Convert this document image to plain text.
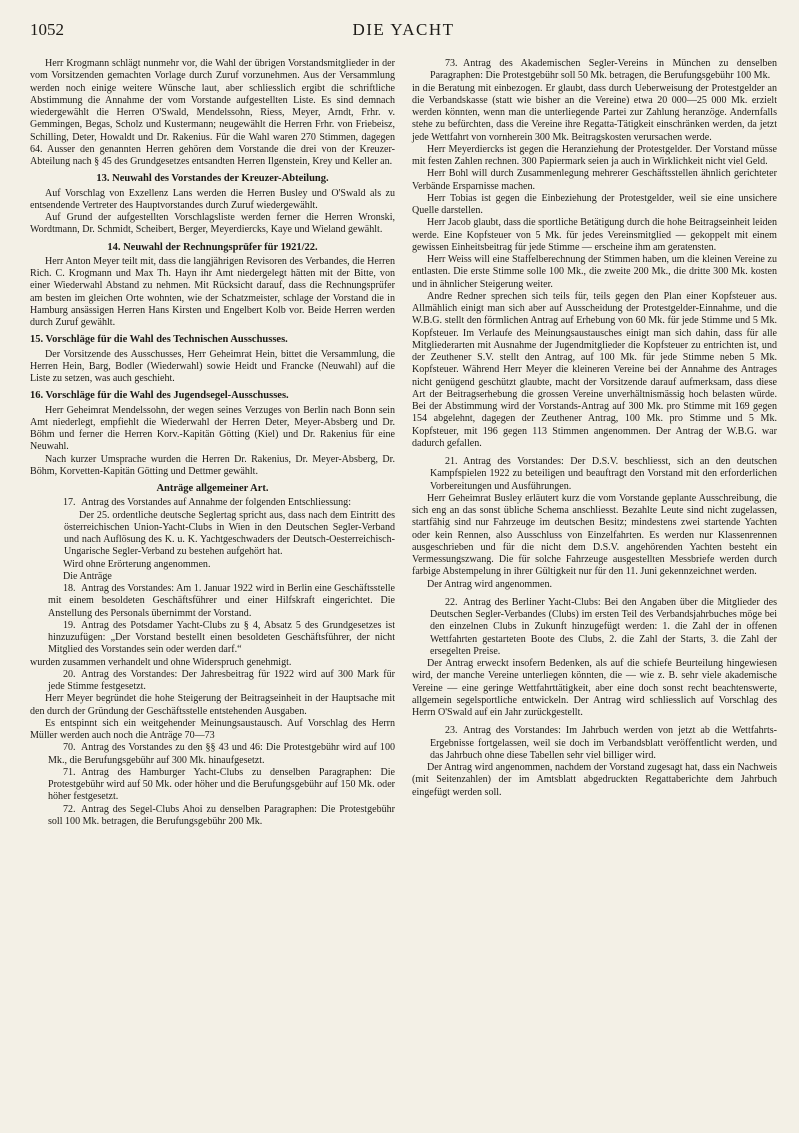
1052	DIE YACHT

Herr Krogmann schlägt nunmehr vor, die Wahl der übrigen Vorstandsmitglieder in der vom Vorsitzenden gemachten Vorlage durch Zuruf vorzunehmen. Aus der Versammlung werden noch einige weitere Wünsche laut, aber schliesslich ergibt die schriftliche Abstimmung die Annahme der vom Vorstande aufgestellten Liste. Es sind demnach wiedergewählt die Herren O'Swald, Mendelssohn, Riess, Meyer, Arndt, Frhr. v. Gemmingen, Begas, Scholz und Kustermann; neugewählt die Herren Frhr. von Friebeisz, Schilling, Deter, Howaldt und Dr. Rakenius. Für die Wahl waren 270 Stimmen, dagegen 64. Ausser den genannten Herren gehören dem Vorstande die drei von der Kreuzer-Abteilung nach § 45 des Grundgesetzes entsandten Herren Ilgenstein, Krey und Keller an.

13. Neuwahl des Vorstandes der Kreuzer-Abteilung.

Auf Vorschlag von Exzellenz Lans werden die Herren Busley und O'Swald als zu entsendende Vertreter des Hauptvorstandes durch Zuruf wiedergewählt.

Auf Grund der aufgestellten Vorschlagsliste werden ferner die Herren Wronski, Wordtmann, Dr. Schmidt, Scheibert, Berger, Meyerdiercks, Kaye und Wieland gewählt.

14. Neuwahl der Rechnungsprüfer für 1921/22.

Herr Anton Meyer teilt mit, dass die langjährigen Revisoren des Verbandes, die Herren Rich. C. Krogmann und Max Th. Hayn ihr Amt niedergelegt hätten mit der Bitte, von einer Wiederwahl Abstand zu nehmen. Mit Rücksicht darauf, dass die Rechnungsprüfer am besten im gleichen Orte wohnten, wie der Schatzmeister, schlage der Vorstand die in Hamburg ansässigen Herren Hans Kirsten und Engelbert Kolb vor. Beide Herren werden durch Zuruf gewählt.

15. Vorschläge für die Wahl des Technischen Ausschusses.

Der Vorsitzende des Ausschusses, Herr Geheimrat Hein, bittet die Versammlung, die Herren Hein, Barg, Bodler (Wiederwahl) sowie Heidt und Francke (Neuwahl) auf die Liste zu setzen, was auch geschieht.

16. Vorschläge für die Wahl des Jugendsegel-Ausschusses.

Herr Geheimrat Mendelssohn, der wegen seines Verzuges von Berlin nach Bonn sein Amt niederlegt, empfiehlt die Wiederwahl der Herren Deter, Meyer-Absberg und Dr. Böhm und ferner die Herren Korv.-Kapitän Götting (Kiel) und Dr. Rakenius für eine Neuwahl.

Nach kurzer Umsprache wurden die Herren Dr. Rakenius, Dr. Meyer-Absberg, Dr. Böhm, Korvetten-Kapitän Götting und Dettmer gewählt.

Anträge allgemeiner Art.

17. Antrag des Vorstandes auf Annahme der folgenden Entschliessung:

Der 25. ordentliche deutsche Seglertag spricht aus, dass nach dem Eintritt des österreichischen Union-Yacht-Clubs in Wien in den Deutschen Segler-Verband und nach Auflösung des K. u. K. Yachtgeschwaders der Deutsch-Oesterreichisch-Ungarische Segler-Verband zu bestehen aufgehört hat.

Wird ohne Erörterung angenommen.

Die Anträge

18. Antrag des Vorstandes: Am 1. Januar 1922 wird in Berlin eine Geschäftsstelle mit einem besoldeten Geschäftsführer und einer Hilfskraft eingerichtet. Die Anstellung des Personals übernimmt der Vorstand.

19. Antrag des Potsdamer Yacht-Clubs zu § 4, Absatz 5 des Grundgesetzes ist hinzuzufügen: „Der Vorstand bestellt einen besoldeten Geschäftsführer, der nicht Mitglied des Vorstandes sein oder werden darf.“

wurden zusammen verhandelt und ohne Widerspruch genehmigt.

20. Antrag des Vorstandes: Der Jahresbeitrag für 1922 wird auf 300 Mark für jede Stimme festgesetzt.

Herr Meyer begründet die hohe Steigerung der Beitragseinheit in der Hauptsache mit den durch der Gründung der Geschäftsstelle entstehenden Ausgaben.

Es entspinnt sich ein weitgehender Meinungsaustausch. Auf Vorschlag des Herrn Müller werden auch noch die Anträge 70—73

70. Antrag des Vorstandes zu den §§ 43 und 46: Die Protestgebühr wird auf 100 Mk., die Berufungsgebühr auf 300 Mk. hinaufgesetzt.

71. Antrag des Hamburger Yacht-Clubs zu denselben Paragraphen: Die Protestgebühr wird auf 50 Mk. oder höher und die Berufungsgebühr auf 150 Mk. oder höher festgesetzt.

72. Antrag des Segel-Clubs Ahoi zu denselben Paragraphen: Die Protestgebühr soll 100 Mk. betragen, die Berufungsgebühr 200 Mk.

73. Antrag des Akademischen Segler-Vereins in München zu denselben Paragraphen: Die Protestgebühr soll 50 Mk. betragen, die Berufungsgebühr 100 Mk.

in die Beratung mit einbezogen. Er glaubt, dass durch Ueberweisung der Protestgelder an die Verbandskasse (statt wie bisher an die Vereine) etwa 20 000—25 000 Mk. erzielt werden könnten, wenn man die unterliegende Partei zur Zahlung heranzöge. Andernfalls stehe zu befürchten, dass die Vereine ihre Regatta-Tätigkeit einschränken werden, da jetzt jede Wettfahrt von vornherein 300 Mk. Beitragskosten verursachen werde.

Herr Meyerdiercks ist gegen die Heranziehung der Protestgelder. Der Vorstand müsse mit festen Zahlen rechnen. 300 Papiermark seien ja auch in Wirklichkeit nicht viel Geld.

Herr Bohl will durch Zusammenlegung mehrerer Geschäftsstellen ähnlich gerichteter Verbände Ersparnisse machen.

Herr Tobias ist gegen die Einbeziehung der Protestgelder, weil sie eine unsichere Quelle darstellen.

Herr Jacob glaubt, dass die sportliche Betätigung durch die hohe Beitragseinheit leiden werde. Eine Kopfsteuer von 5 Mk. für jedes Vereinsmitglied — gekoppelt mit einem gewissen Einheitsbeitrag für jede Stimme — erscheine ihm am geratensten.

Herr Weiss will eine Staffelberechnung der Stimmen haben, um die kleinen Vereine zu entlasten. Die erste Stimme solle 100 Mk., die zweite 200 Mk., die dritte 300 Mk. kosten und in ähnlicher Steigerung weiter.

Andre Redner sprechen sich teils für, teils gegen den Plan einer Kopfsteuer aus. Allmählich einigt man sich aber auf Ausscheidung der Protestgelder-Einnahme, und die W.B.G. stellt den förmlichen Antrag auf Erhebung von 60 Mk. für jede Stimme und 5 Mk. Kopfsteuer. Im Verlaufe des Meinungsaustausches einigt man sich dahin, dass für alle Mitgliederarten mit Ausnahme der Jugendmitglieder die Kopfsteuer zu entrichten ist, und der Zeuthener S.V. stellt den Antrag, auf 100 Mk. für jede Stimme neben 5 Mk. Kopfsteuer. Während Herr Meyer die kleineren Vereine bei der Annahme des Antrages nicht genügend geschützt glaubte, macht der Vorsitzende darauf aufmerksam, dass diese Art der Beitragserhebung die grossen Vereine unverhältnismässig hoch belasten würde. Bei der Abstimmung wird der Vorstands-Antrag auf 300 Mk. pro Stimme mit 169 gegen 154 abgelehnt, dagegen der Zeuthener Antrag, 100 Mk. pro Stimme und 5 Mk. Kopfsteuer, mit 196 gegen 113 Stimmen angenommen. Der Antrag der W.B.G. war dadurch gefallen.

21. Antrag des Vorstandes: Der D.S.V. beschliesst, sich an den deutschen Kampfspielen 1922 zu beteiligen und beauftragt den Vorstand mit den erforderlichen Vorbereitungen und Ausführungen.

Herr Geheimrat Busley erläutert kurz die vom Vorstande geplante Ausschreibung, die sich eng an das sonst übliche Schema anschliesst. Bezahlte Leute sind nicht zugelassen, startfähig sind nur Fahrzeuge im deutschen Besitz; mindestens zwei startende Yachten oder kein Rennen, also Ausschluss von Einzelfahrten. Es werden nur Klassenrennen ausgeschrieben und für die nicht dem D.S.V. angehörenden Yachten besteht ein Vermessungszwang. Die für solche Fahrzeuge ausgestellten Messbriefe werden durch farbige Abstempelung in ihrer Gültigkeit nur für den 11. Juni gekennzeichnet werden.

Der Antrag wird angenommen.

22. Antrag des Berliner Yacht-Clubs: Bei den Angaben über die Mitglieder des Deutschen Segler-Verbandes (Clubs) im ersten Teil des Verbandsjahrbuches möge bei den einzelnen Clubs in Zukunft hinzugefügt werden: 1. die Zahl der in offenen Wettfahrten gestarteten Boote des Clubs, 2. die Zahl der Starts, 3. die Zahl der ersegelten Preise.

Der Antrag erweckt insofern Bedenken, als auf die schiefe Beurteilung hingewiesen wird, der manche Vereine unterliegen könnten, die — wie z. B. sehr viele akademische Vereine — eine geringe Wettfahrttätigkeit, aber eine doch sonst recht beachtenswerte, allgemein segelsportliche entwickeln. Der Antrag wird schliesslich auf Vorschlag des Herrn O'Swald auf ein Jahr zurückgestellt.

23. Antrag des Vorstandes: Im Jahrbuch werden von jetzt ab die Wettfahrts-Ergebnisse fortgelassen, weil sie doch im Verbandsblatt veröffentlicht werden, und das Jahrbuch ohne diese Tabellen sehr viel billiger wird.

Der Antrag wird angenommen, nachdem der Vorstand zugesagt hat, dass ein Nachweis (mit Seitenzahlen) der im Amtsblatt abgedruckten Regattaberichte dem Jahrbuch eingefügt werden soll.
